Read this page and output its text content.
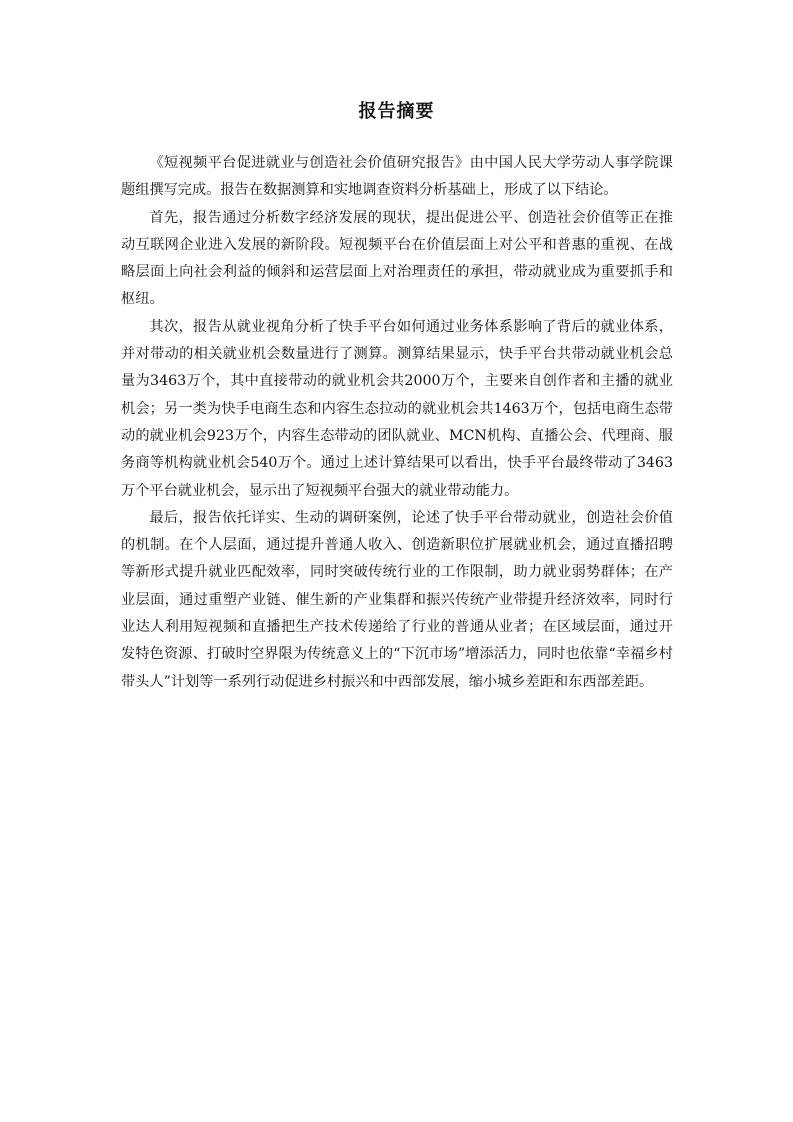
报告摘要

《短视频平台促进就业与创造社会价值研究报告》由中国人民大学劳动人事学院课题组撰写完成。报告在数据测算和实地调查资料分析基础上，形成了以下结论。

首先，报告通过分析数字经济发展的现状，提出促进公平、创造社会价值等正在推动互联网企业进入发展的新阶段。短视频平台在价值层面上对公平和普惠的重视、在战略层面上向社会利益的倾斜和运营层面上对治理责任的承担，带动就业成为重要抓手和枢纽。

其次，报告从就业视角分析了快手平台如何通过业务体系影响了背后的就业体系，并对带动的相关就业机会数量进行了测算。测算结果显示，快手平台共带动就业机会总量为3463万个，其中直接带动的就业机会共2000万个，主要来自创作者和主播的就业机会；另一类为快手电商生态和内容生态拉动的就业机会共1463万个，包括电商生态带动的就业机会923万个，内容生态带动的团队就业、MCN机构、直播公会、代理商、服务商等机构就业机会540万个。通过上述计算结果可以看出，快手平台最终带动了3463万个平台就业机会，显示出了短视频平台强大的就业带动能力。

最后，报告依托详实、生动的调研案例，论述了快手平台带动就业，创造社会价值的机制。在个人层面，通过提升普通人收入、创造新职位扩展就业机会，通过直播招聘等新形式提升就业匹配效率，同时突破传统行业的工作限制，助力就业弱势群体；在产业层面，通过重塑产业链、催生新的产业集群和振兴传统产业带提升经济效率，同时行业达人利用短视频和直播把生产技术传递给了行业的普通从业者；在区域层面，通过开发特色资源、打破时空界限为传统意义上的“下沉市场”增添活力，同时也依靠“幸福乡村带头人”计划等一系列行动促进乡村振兴和中西部发展，缩小城乡差距和东西部差距。
